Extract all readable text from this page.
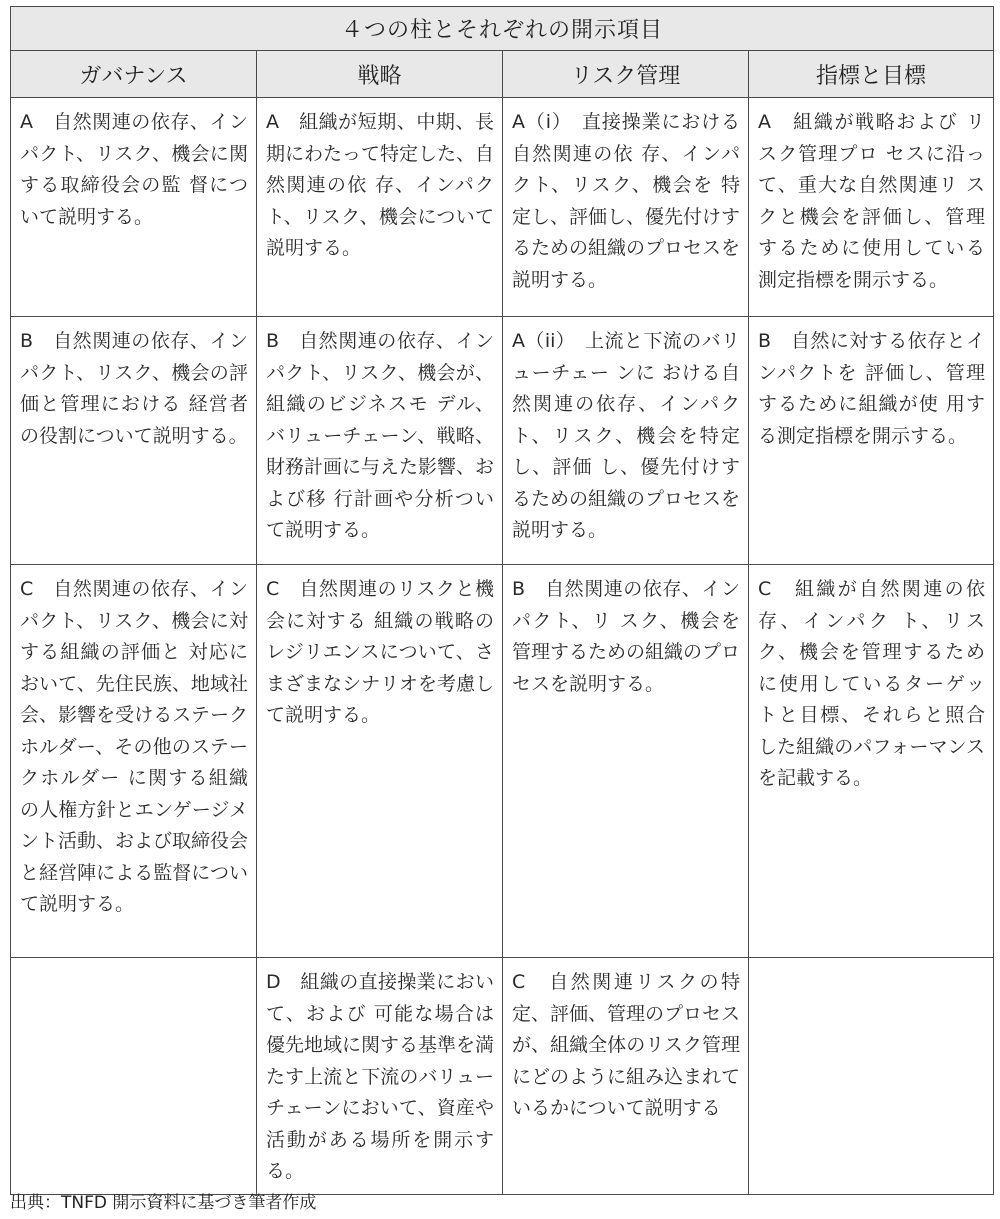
４つの柱とそれぞれの開示項目			
ガバナンス	戦略	リスク管理	指標と目標
A　自然関連の依存、インパクト、リスク、機会に関する取締役会の監 督について説明する。	A　組織が短期、中期、長期にわたって特定した、自然関連の依 存、インパクト、リスク、機会について説明する。	A（i）　直接操業における自然関連の依 存、インパクト、リスク、機会を 特定し、評価し、優先付けするための組織のプロセスを説明する。	A　組織が戦略および リスク管理プロ セスに沿って、重大な自然関連リ スクと機会を評価し、管理するために使用している測定指標を開示する。
B　自然関連の依存、インパクト、リスク、機会の評価と管理における 経営者の役割について説明する。	B　自然関連の依存、インパクト、リスク、機会が、組織のビジネスモ デル、バリューチェーン、戦略、財務計画に与えた影響、および移 行計画や分析ついて説明する。	A（ii）　上流と下流のバリューチェー ンに おける自然関連の依存、インパク ト、リスク、機会を特定し、評価 し、優先付けするための組織のプロセスを説明する。	B　自然に対する依存とインパクトを 評価し、管理するために組織が使 用する測定指標を開示する。
C　自然関連の依存、インパクト、リスク、機会に対する組織の評価と 対応において、先住民族、地域社 会、影響を受けるステークホルダー、その他のステークホルダー に関する組織の人権方針とエンゲージメント活動、および取締役会と経営陣による監督について説明する。	C　自然関連のリスクと機会に対する 組織の戦略のレジリエンスについて、さまざまなシナリオを考慮して説明する。	B　自然関連の依存、インパクト、リ スク、機会を管理するための組織のプロセスを説明する。	C　組織が自然関連の依存、インパク ト、リスク、機会を管理するために使用しているターゲットと目標、それらと照合した組織のパフォーマンスを記載する。
	D　組織の直接操業において、および 可能な場合は優先地域に関する基準を満たす上流と下流のバリュー チェーンにおいて、資産や活動がある場所を開示する。	C　自然関連リスクの特定、評価、管理のプロセスが、組織全体のリスク管理にどのように組み込まれているかについて説明する	
出典：TNFD 開示資料に基づき筆者作成
